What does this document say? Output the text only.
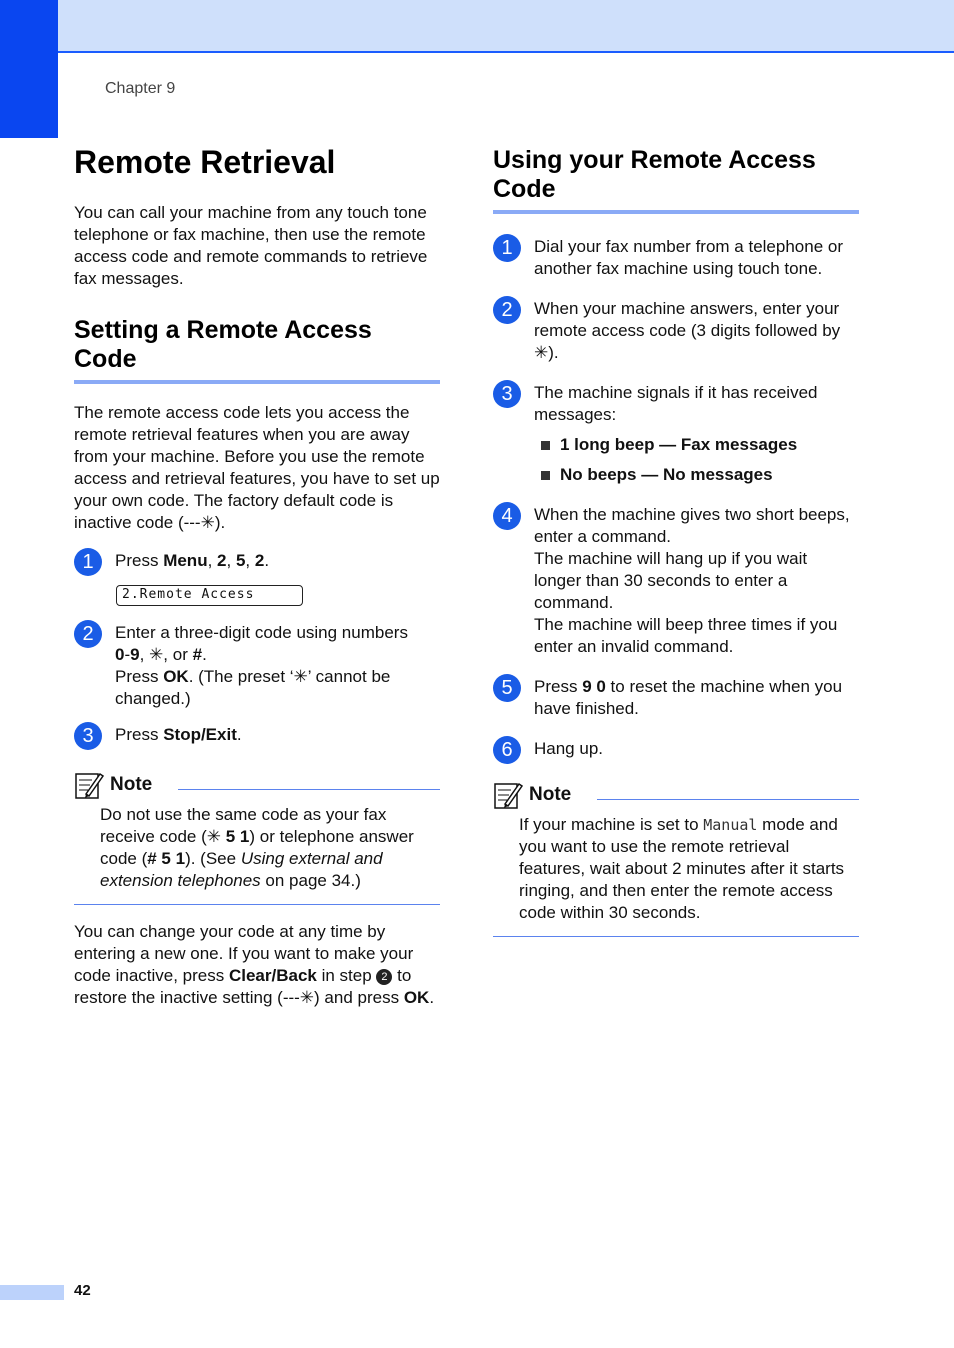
Chapter 9
Remote Retrieval

You can call your machine from any touch tone telephone or fax machine, then use the remote access code and remote commands to retrieve fax messages.

Setting a Remote Access Code

The remote access code lets you access the remote retrieval features when you are away from your machine. Before you use the remote access and retrieval features, you have to set up your own code. The factory default code is inactive code (---✳).

1	Press Menu, 2, 5, 2.
2.Remote Access
2	Enter a three-digit code using numbers
0-9, ✳, or #.
Press OK. (The preset ‘✳’ cannot be changed.)
3	Press Stop/Exit.
Note
Do not use the same code as your fax receive code (✳ 5 1) or telephone answer code (# 5 1). (See Using external and extension telephones on page 34.)

You can change your code at any time by entering a new one. If you want to make your code inactive, press Clear/Back in step 2 to restore the inactive setting (---✳) and press OK.

Using your Remote Access Code
1	Dial your fax number from a telephone or another fax machine using touch tone.
2	When your machine answers, enter your remote access code (3 digits followed by ✳).
3	The machine signals if it has received messages:
1 long beep — Fax messages
No beeps — No messages
4	When the machine gives two short beeps, enter a command.
The machine will hang up if you wait longer than 30 seconds to enter a command.
The machine will beep three times if you enter an invalid command.
5	Press 9 0 to reset the machine when you have finished.
6	Hang up.
Note
If your machine is set to Manual mode and you want to use the remote retrieval features, wait about 2 minutes after it starts ringing, and then enter the remote access code within 30 seconds.
42
